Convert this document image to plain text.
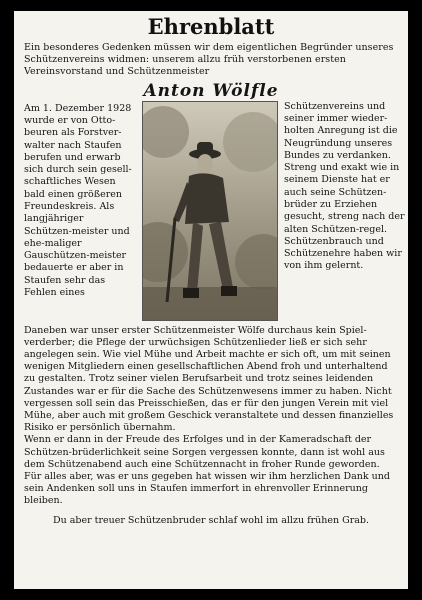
Ehrenblatt

Ein besonderes Gedenken müssen wir dem eigentlichen Begründer unseres Schützenvereins widmen: unserem allzu früh verstorbenen ersten Vereinsvorstand und Schützenmeister

Anton Wölfle

Am 1. Dezember 1928 wurde er von Otto-beuren als Forstver-walter nach Staufen berufen und erwarb sich durch sein gesell-schaftliches Wesen bald einen größeren Freundeskreis. Als langjähriger Schützen-meister und ehe-maliger Gauschützen-meister bedauerte er aber in Staufen sehr das Fehlen eines

Schützenvereins und seiner immer wieder-holten Anregung ist die Neugründung unseres Bundes zu verdanken. Streng und exakt wie in seinem Dienste hat er auch seine Schützen-brüder zu Erziehen gesucht, streng nach der alten Schützen-regel. Schützenbrauch und Schützenehre haben wir von ihm gelernt.

Daneben war unser erster Schützenmeister Wölfe durchaus kein Spiel-verderber; die Pflege der urwüchsigen Schützenlieder ließ er sich sehr angelegen sein. Wie viel Mühe und Arbeit machte er sich oft, um mit seinen wenigen Mitgliedern einen gesellschaftlichen Abend froh und unterhaltend zu gestalten. Trotz seiner vielen Berufsarbeit und trotz seines leidenden Zustandes war er für die Sache des Schützenwesens immer zu haben. Nicht vergessen soll sein das Preisschießen, das er für den jungen Verein mit viel Mühe, aber auch mit großem Geschick veranstaltete und dessen finanzielles Risiko er persönlich übernahm.

Wenn er dann in der Freude des Erfolges und in der Kameradschaft der Schützen-brüderlichkeit seine Sorgen vergessen konnte, dann ist wohl aus dem Schützenabend auch eine Schützennacht in froher Runde geworden.

Für alles aber, was er uns gegeben hat wissen wir ihm herzlichen Dank und sein Andenken soll uns in Staufen immerfort in ehrenvoller Erinnerung bleiben.

Du aber treuer Schützenbruder schlaf wohl im allzu frühen Grab.
